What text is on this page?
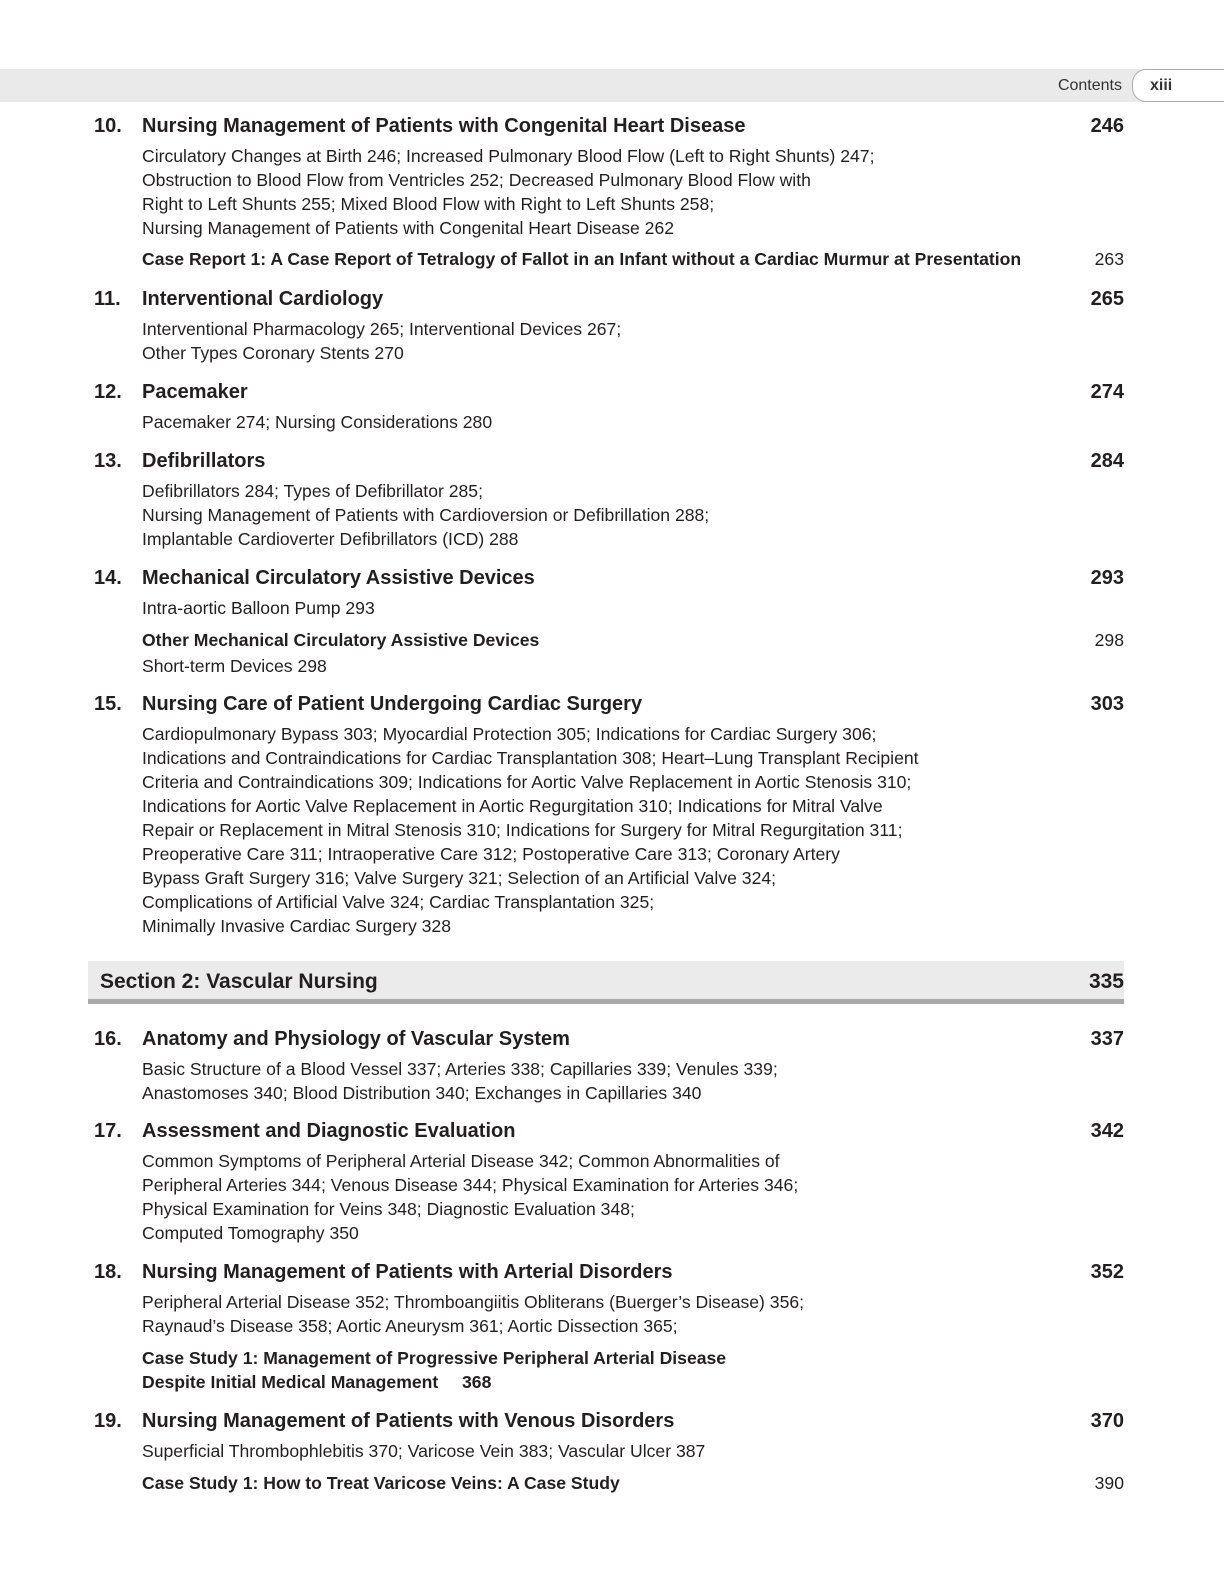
Contents xiii
10. Nursing Management of Patients with Congenital Heart Disease	246
Circulatory Changes at Birth 246; Increased Pulmonary Blood Flow (Left to Right Shunts) 247;
Obstruction to Blood Flow from Ventricles 252; Decreased Pulmonary Blood Flow with
Right to Left Shunts 255; Mixed Blood Flow with Right to Left Shunts 258;
Nursing Management of Patients with Congenital Heart Disease 262
Case Report 1: A Case Report of Tetralogy of Fallot in an Infant without a Cardiac Murmur at Presentation	263
11. Interventional Cardiology	265
Interventional Pharmacology 265; Interventional Devices 267;
Other Types Coronary Stents 270
12. Pacemaker	274
Pacemaker 274; Nursing Considerations 280
13. Defibrillators	284
Defibrillators 284; Types of Defibrillator 285;
Nursing Management of Patients with Cardioversion or Defibrillation 288;
Implantable Cardioverter Defibrillators (ICD) 288
14. Mechanical Circulatory Assistive Devices	293
Intra-aortic Balloon Pump 293
Other Mechanical Circulatory Assistive Devices	298
Short-term Devices 298
15. Nursing Care of Patient Undergoing Cardiac Surgery	303
Cardiopulmonary Bypass 303; Myocardial Protection 305; Indications for Cardiac Surgery 306;
Indications and Contraindications for Cardiac Transplantation 308; Heart–Lung Transplant Recipient
Criteria and Contraindications 309; Indications for Aortic Valve Replacement in Aortic Stenosis 310;
Indications for Aortic Valve Replacement in Aortic Regurgitation 310; Indications for Mitral Valve
Repair or Replacement in Mitral Stenosis 310; Indications for Surgery for Mitral Regurgitation 311;
Preoperative Care 311; Intraoperative Care 312; Postoperative Care 313; Coronary Artery
Bypass Graft Surgery 316; Valve Surgery 321; Selection of an Artificial Valve 324;
Complications of Artificial Valve 324; Cardiac Transplantation 325;
Minimally Invasive Cardiac Surgery 328
Section 2: Vascular Nursing	335
16. Anatomy and Physiology of Vascular System	337
Basic Structure of a Blood Vessel 337; Arteries 338; Capillaries 339; Venules 339;
Anastomoses 340; Blood Distribution 340; Exchanges in Capillaries 340
17. Assessment and Diagnostic Evaluation	342
Common Symptoms of Peripheral Arterial Disease 342; Common Abnormalities of
Peripheral Arteries 344; Venous Disease 344; Physical Examination for Arteries 346;
Physical Examination for Veins 348; Diagnostic Evaluation 348;
Computed Tomography 350
18. Nursing Management of Patients with Arterial Disorders	352
Peripheral Arterial Disease 352; Thromboangiitis Obliterans (Buerger’s Disease) 356;
Raynaud’s Disease 358; Aortic Aneurysm 361; Aortic Dissection 365;
Case Study 1: Management of Progressive Peripheral Arterial Disease
Despite Initial Medical Management 368
19. Nursing Management of Patients with Venous Disorders	370
Superficial Thrombophlebitis 370; Varicose Vein 383; Vascular Ulcer 387
Case Study 1: How to Treat Varicose Veins: A Case Study	390
